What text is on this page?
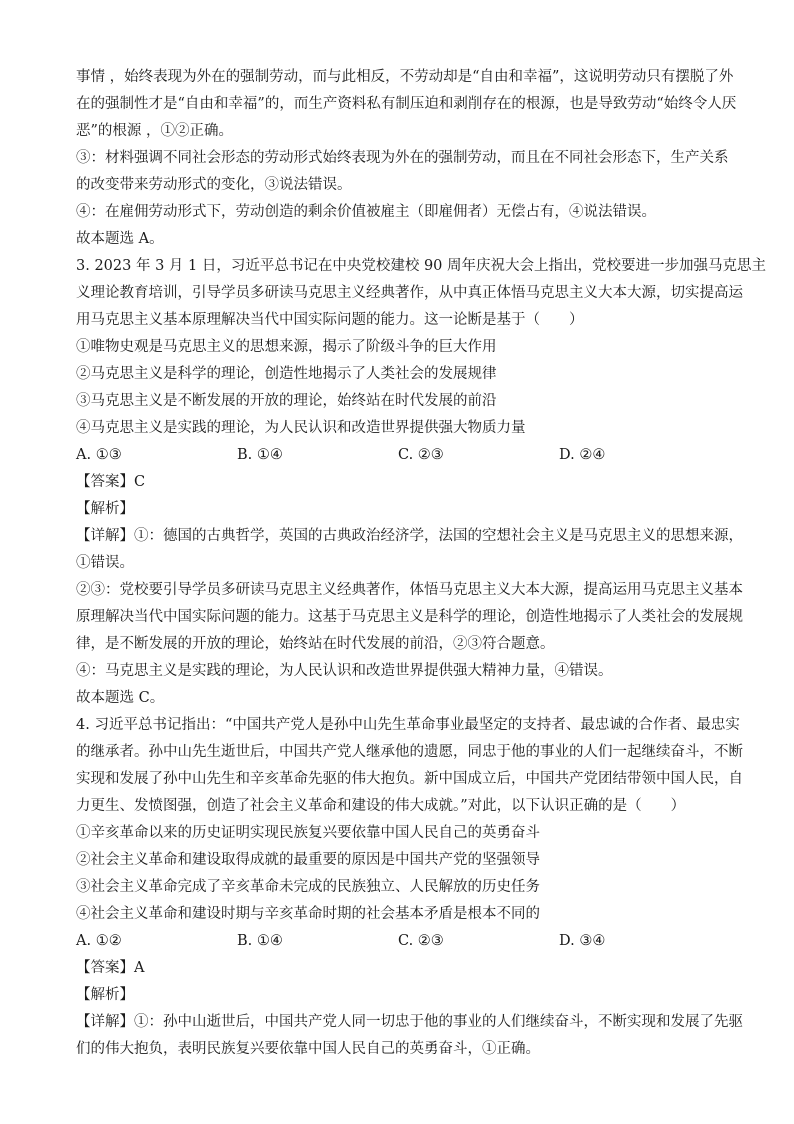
事情 ，始终表现为外在的强制劳动，而与此相反，不劳动却是“自由和幸福”，这说明劳动只有摆脱了外
在的强制性才是“自由和幸福”的，而生产资料私有制压迫和剥削存在的根源，也是导致劳动“始终令人厌
恶”的根源 ，①②正确。
③：材料强调不同社会形态的劳动形式始终表现为外在的强制劳动，而且在不同社会形态下，生产关系
的改变带来劳动形式的变化，③说法错误。
④：在雇佣劳动形式下，劳动创造的剩余价值被雇主（即雇佣者）无偿占有，④说法错误。
故本题选 A。
3. 2023 年 3 月 1 日，习近平总书记在中央党校建校 90 周年庆祝大会上指出，党校要进一步加强马克思主
义理论教育培训，引导学员多研读马克思主义经典著作，从中真正体悟马克思主义大本大源，切实提高运
用马克思主义基本原理解决当代中国实际问题的能力。这一论断是基于（　　）
①唯物史观是马克思主义的思想来源，揭示了阶级斗争的巨大作用
②马克思主义是科学的理论，创造性地揭示了人类社会的发展规律
③马克思主义是不断发展的开放的理论，始终站在时代发展的前沿
④马克思主义是实践的理论，为人民认识和改造世界提供强大物质力量
A. ①③	B. ①④	C. ②③	D. ②④
【答案】C
【解析】
【详解】①：德国的古典哲学，英国的古典政治经济学，法国的空想社会主义是马克思主义的思想来源，
①错误。
②③：党校要引导学员多研读马克思主义经典著作，体悟马克思主义大本大源，提高运用马克思主义基本
原理解决当代中国实际问题的能力。这基于马克思主义是科学的理论，创造性地揭示了人类社会的发展规
律，是不断发展的开放的理论，始终站在时代发展的前沿，②③符合题意。
④：马克思主义是实践的理论，为人民认识和改造世界提供强大精神力量，④错误。
故本题选 C。
4. 习近平总书记指出：“中国共产党人是孙中山先生革命事业最坚定的支持者、最忠诚的合作者、最忠实
的继承者。孙中山先生逝世后，中国共产党人继承他的遗愿，同忠于他的事业的人们一起继续奋斗，不断
实现和发展了孙中山先生和辛亥革命先驱的伟大抱负。新中国成立后，中国共产党团结带领中国人民，自
力更生、发愤图强，创造了社会主义革命和建设的伟大成就。”对此，以下认识正确的是（　　）
①辛亥革命以来的历史证明实现民族复兴要依靠中国人民自己的英勇奋斗
②社会主义革命和建设取得成就的最重要的原因是中国共产党的坚强领导
③社会主义革命完成了辛亥革命未完成的民族独立、人民解放的历史任务
④社会主义革命和建设时期与辛亥革命时期的社会基本矛盾是根本不同的
A. ①②	B. ①④	C. ②③	D. ③④
【答案】A
【解析】
【详解】①：孙中山逝世后，中国共产党人同一切忠于他的事业的人们继续奋斗，不断实现和发展了先驱
们的伟大抱负，表明民族复兴要依靠中国人民自己的英勇奋斗，①正确。
